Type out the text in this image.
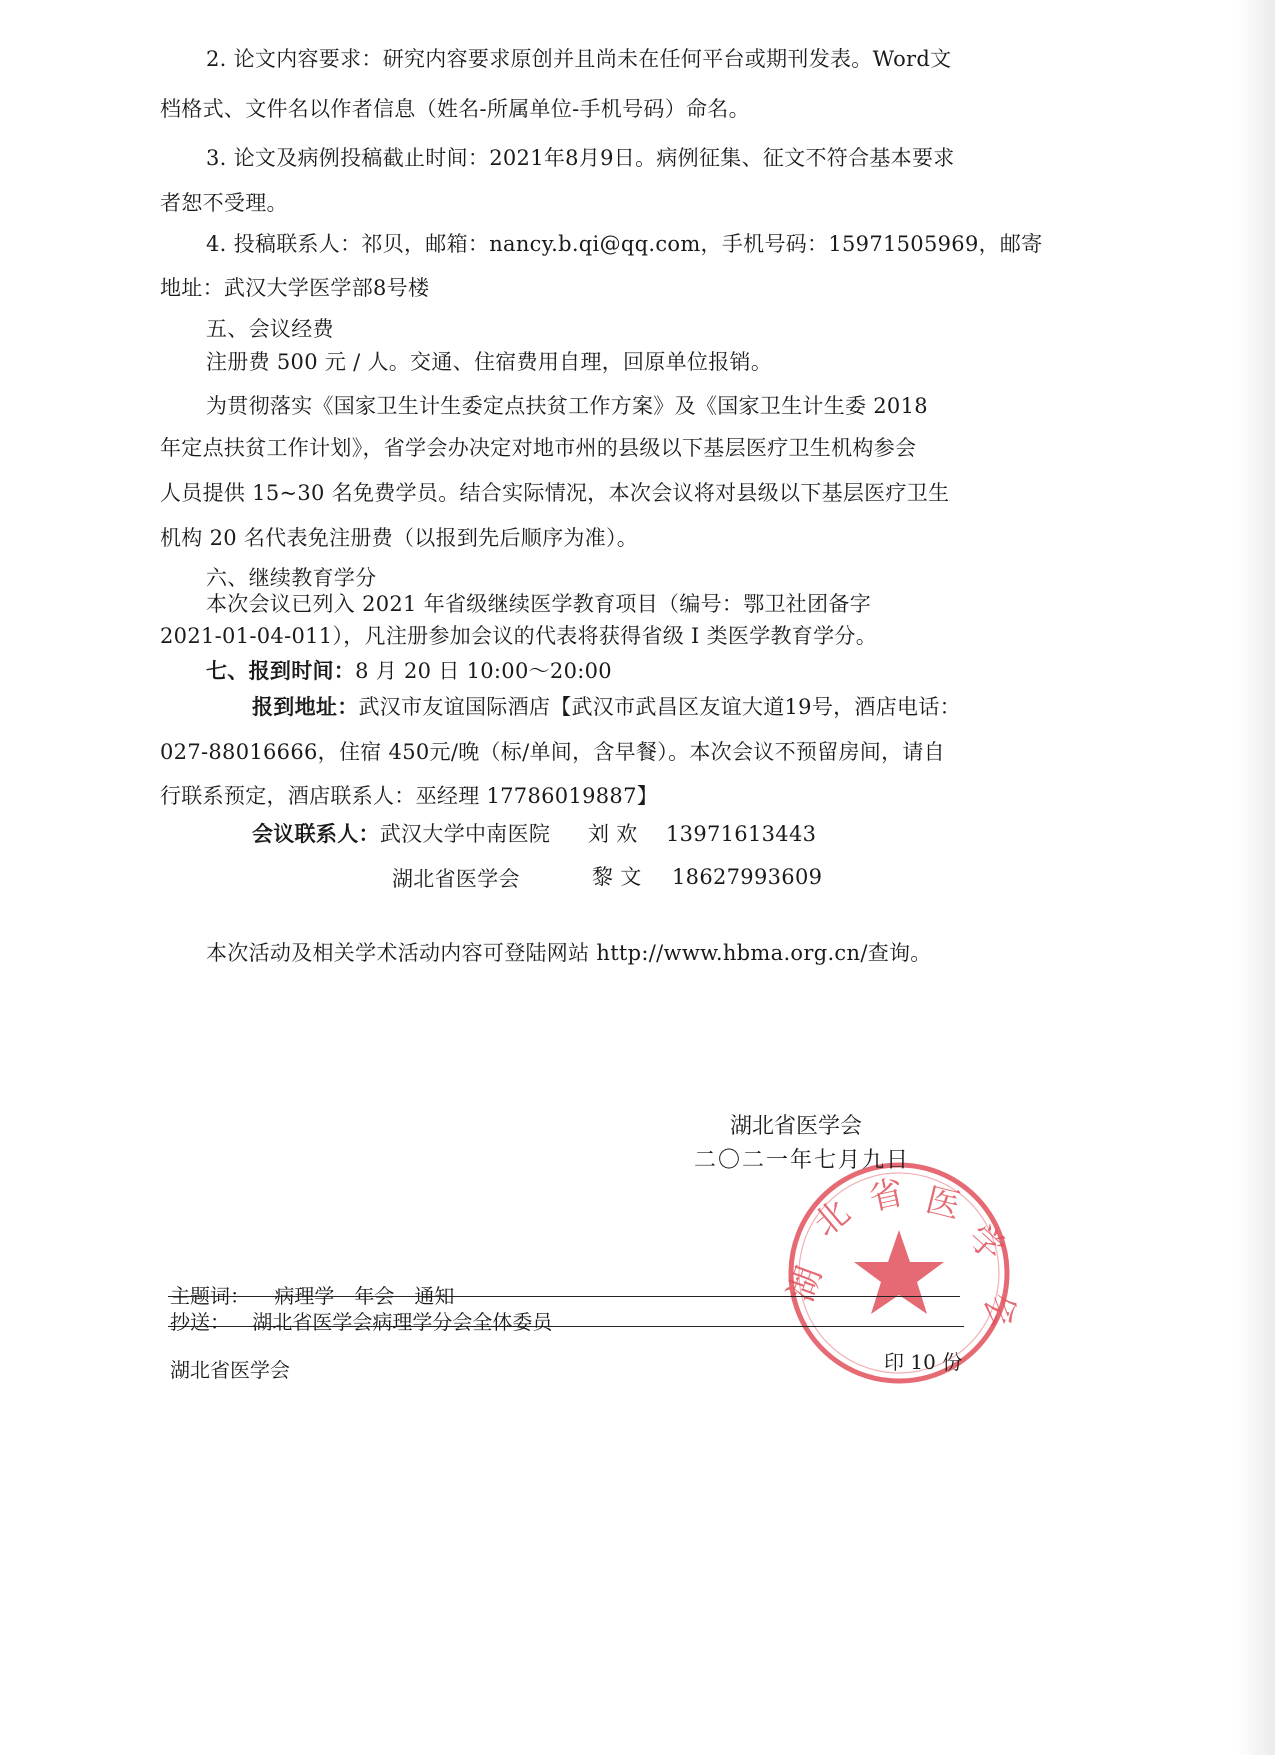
2. 论文内容要求：研究内容要求原创并且尚未在任何平台或期刊发表。Word文
档格式、文件名以作者信息（姓名-所属单位-手机号码）命名。
3. 论文及病例投稿截止时间：2021年8月9日。病例征集、征文不符合基本要求
者恕不受理。
4. 投稿联系人：祁贝，邮箱：nancy.b.qi@qq.com，手机号码：15971505969，邮寄
地址：武汉大学医学部8号楼
五、会议经费
注册费 500 元 / 人。交通、住宿费用自理，回原单位报销。
为贯彻落实《国家卫生计生委定点扶贫工作方案》及《国家卫生计生委 2018
年定点扶贫工作计划》，省学会办决定对地市州的县级以下基层医疗卫生机构参会
人员提供 15~30 名免费学员。结合实际情况，本次会议将对县级以下基层医疗卫生
机构 20 名代表免注册费（以报到先后顺序为准）。
六、继续教育学分
本次会议已列入 2021 年省级继续医学教育项目（编号：鄂卫社团备字
2021-01-04-011），凡注册参加会议的代表将获得省级 I 类医学教育学分。
七、报到时间：8 月 20 日 10:00～20:00
报到地址：武汉市友谊国际酒店【武汉市武昌区友谊大道19号，酒店电话：
027-88016666，住宿 450元/晚（标/单间，含早餐）。本次会议不预留房间，请自
行联系预定，酒店联系人：巫经理 17786019887】
会议联系人：武汉大学中南医院 刘 欢 13971613443
湖北省医学会	黎 文 18627993609
本次活动及相关学术活动内容可登陆网站 http://www.hbma.org.cn/查询。
湖
北 省 医
学
会
湖北省医学会
二〇二一年七月九日
主题词： 病理学　年会　通知
抄送： 湖北省医学会病理学分会全体委员
湖北省医学会	印 10 份
